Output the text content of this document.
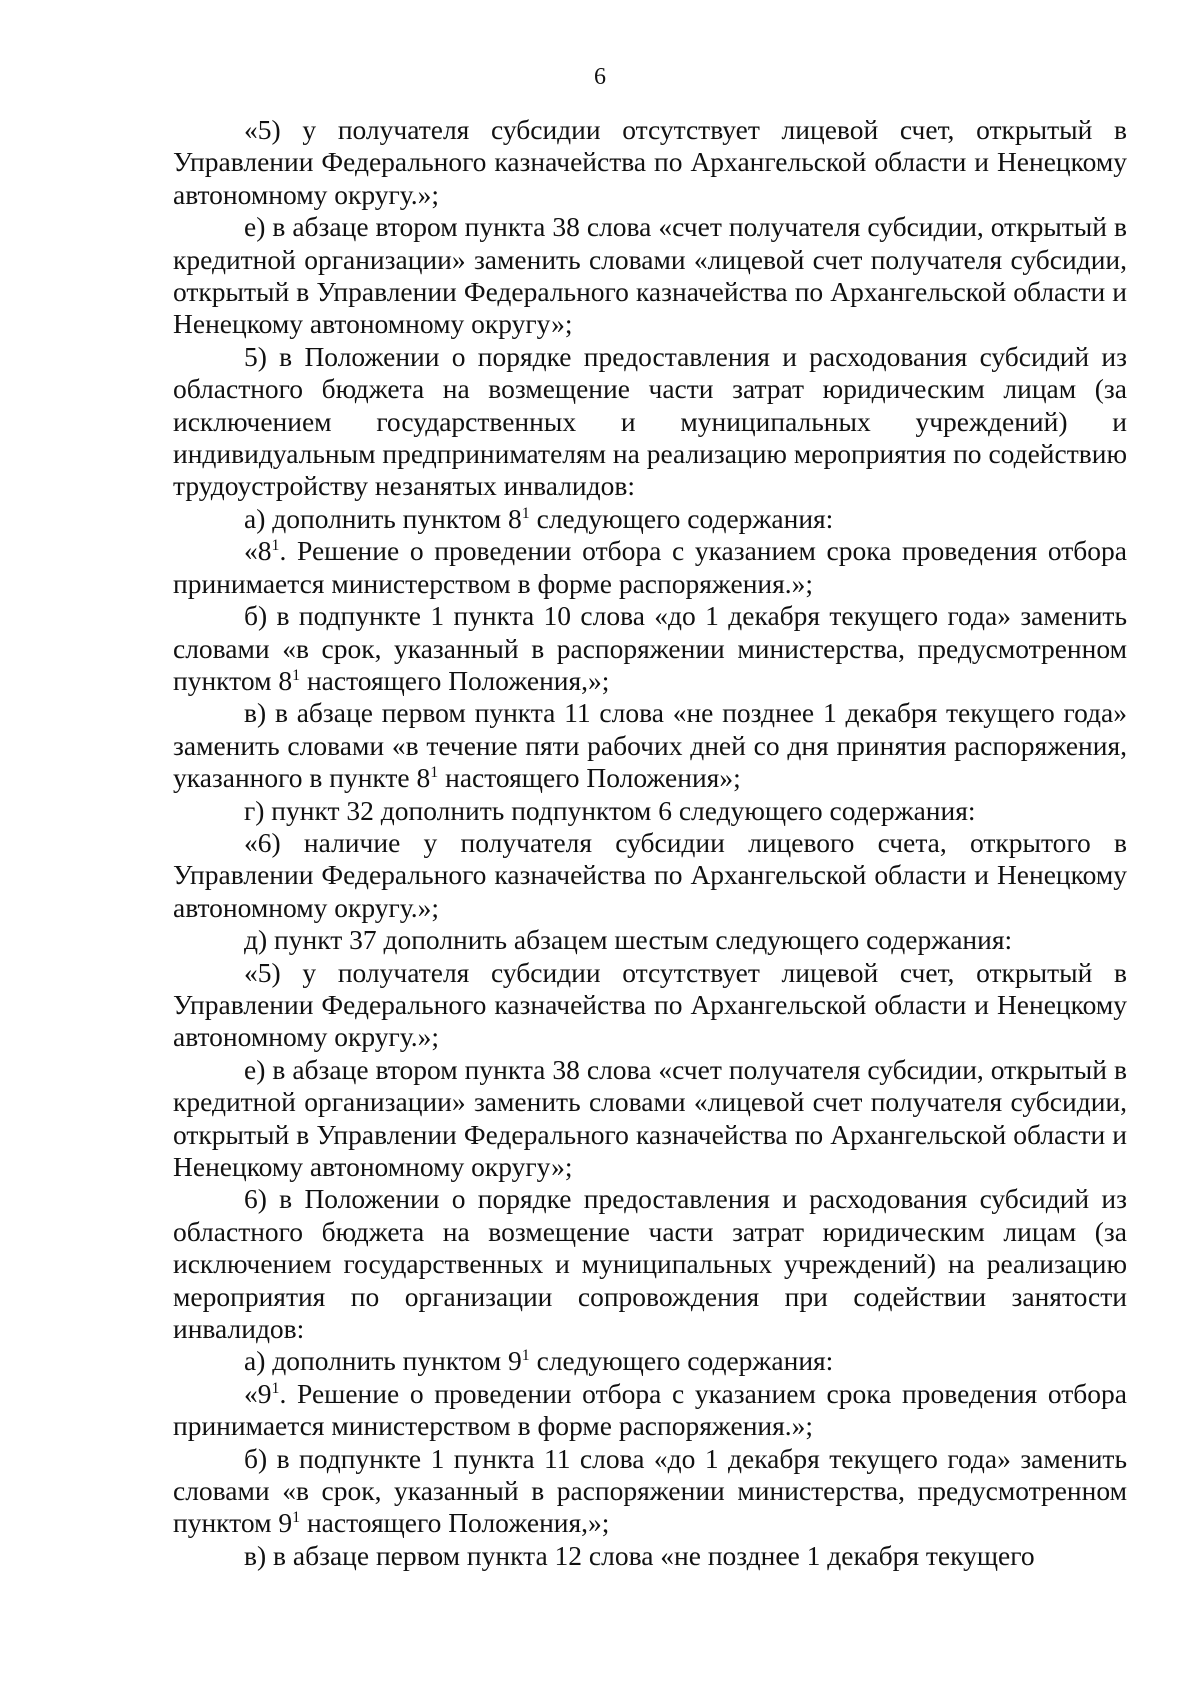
6

«5) у получателя субсидии отсутствует лицевой счет, открытый в Управлении Федерального казначейства по Архангельской области и Ненецкому автономному округу.»;

е) в абзаце втором пункта 38 слова «счет получателя субсидии, открытый в кредитной организации» заменить словами «лицевой счет получателя субсидии, открытый в Управлении Федерального казначейства по Архангельской области и Ненецкому автономному округу»;

5) в Положении о порядке предоставления и расходования субсидий из областного бюджета на возмещение части затрат юридическим лицам (за исключением государственных и муниципальных учреждений) и индивидуальным предпринимателям на реализацию мероприятия по содействию трудоустройству незанятых инвалидов:

а) дополнить пунктом $8^1$ следующего содержания:

«$8^1$. Решение о проведении отбора с указанием срока проведения отбора принимается министерством в форме распоряжения.»;

б) в подпункте 1 пункта 10 слова «до 1 декабря текущего года» заменить словами «в срок, указанный в распоряжении министерства, предусмотренном пунктом $8^1$ настоящего Положения,»;

в) в абзаце первом пункта 11 слова «не позднее 1 декабря текущего года» заменить словами «в течение пяти рабочих дней со дня принятия распоряжения, указанного в пункте $8^1$ настоящего Положения»;

г) пункт 32 дополнить подпунктом 6 следующего содержания:

«6) наличие у получателя субсидии лицевого счета, открытого в Управлении Федерального казначейства по Архангельской области и Ненецкому автономному округу.»;

д) пункт 37 дополнить абзацем шестым следующего содержания:

«5) у получателя субсидии отсутствует лицевой счет, открытый в Управлении Федерального казначейства по Архангельской области и Ненецкому автономному округу.»;

е) в абзаце втором пункта 38 слова «счет получателя субсидии, открытый в кредитной организации» заменить словами «лицевой счет получателя субсидии, открытый в Управлении Федерального казначейства по Архангельской области и Ненецкому автономному округу»;

6) в Положении о порядке предоставления и расходования субсидий из областного бюджета на возмещение части затрат юридическим лицам (за исключением государственных и муниципальных учреждений) на реализацию мероприятия по организации сопровождения при содействии занятости инвалидов:

а) дополнить пунктом $9^1$ следующего содержания:

«$9^1$. Решение о проведении отбора с указанием срока проведения отбора принимается министерством в форме распоряжения.»;

б) в подпункте 1 пункта 11 слова «до 1 декабря текущего года» заменить словами «в срок, указанный в распоряжении министерства, предусмотренном пунктом $9^1$ настоящего Положения,»;

в) в абзаце первом пункта 12 слова «не позднее 1 декабря текущего
